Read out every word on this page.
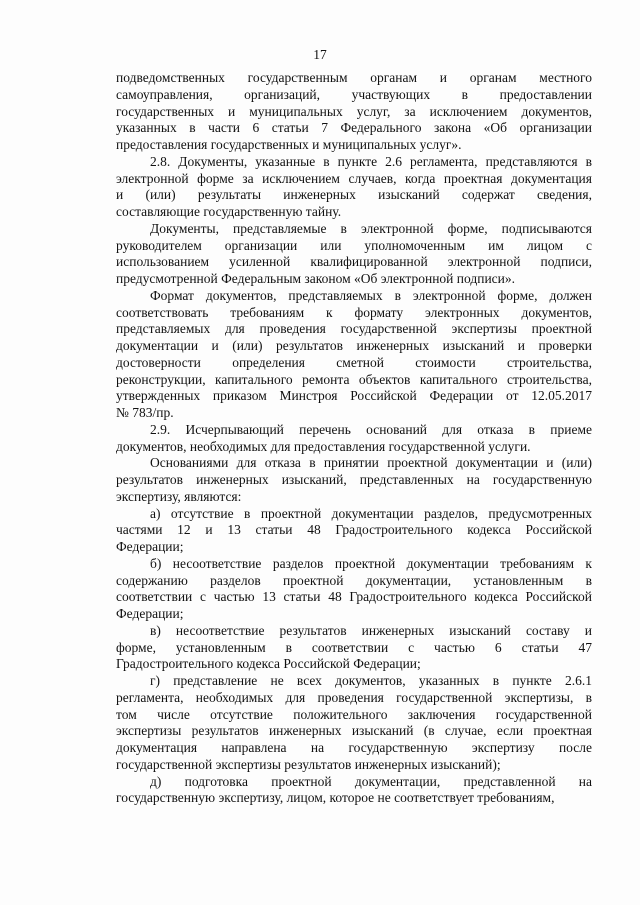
17
подведомственных государственным органам и органам местного
самоуправления, организаций, участвующих в предоставлении
государственных и муниципальных услуг, за исключением документов,
указанных в части 6 статьи 7 Федерального закона «Об организации
предоставления государственных и муниципальных услуг».
2.8. Документы, указанные в пункте 2.6 регламента, представляются в
электронной форме за исключением случаев, когда проектная документация
и (или) результаты инженерных изысканий содержат сведения,
составляющие государственную тайну.
Документы, представляемые в электронной форме, подписываются
руководителем организации или уполномоченным им лицом с
использованием усиленной квалифицированной электронной подписи,
предусмотренной Федеральным законом «Об электронной подписи».
Формат документов, представляемых в электронной форме, должен
соответствовать требованиям к формату электронных документов,
представляемых для проведения государственной экспертизы проектной
документации и (или) результатов инженерных изысканий и проверки
достоверности определения сметной стоимости строительства,
реконструкции, капитального ремонта объектов капитального строительства,
утвержденных приказом Минстроя Российской Федерации от 12.05.2017
№ 783/пр.
2.9. Исчерпывающий перечень оснований для отказа в приеме
документов, необходимых для предоставления государственной услуги.
Основаниями для отказа в принятии проектной документации и (или)
результатов инженерных изысканий, представленных на государственную
экспертизу, являются:
а) отсутствие в проектной документации разделов, предусмотренных
частями 12 и 13 статьи 48 Градостроительного кодекса Российской
Федерации;
б) несоответствие разделов проектной документации требованиям к
содержанию разделов проектной документации, установленным в
соответствии с частью 13 статьи 48 Градостроительного кодекса Российской
Федерации;
в) несоответствие результатов инженерных изысканий составу и
форме, установленным в соответствии с частью 6 статьи 47
Градостроительного кодекса Российской Федерации;
г) представление не всех документов, указанных в пункте 2.6.1
регламента, необходимых для проведения государственной экспертизы, в
том числе отсутствие положительного заключения государственной
экспертизы результатов инженерных изысканий (в случае, если проектная
документация направлена на государственную экспертизу после
государственной экспертизы результатов инженерных изысканий);
д) подготовка проектной документации, представленной на
государственную экспертизу, лицом, которое не соответствует требованиям,
